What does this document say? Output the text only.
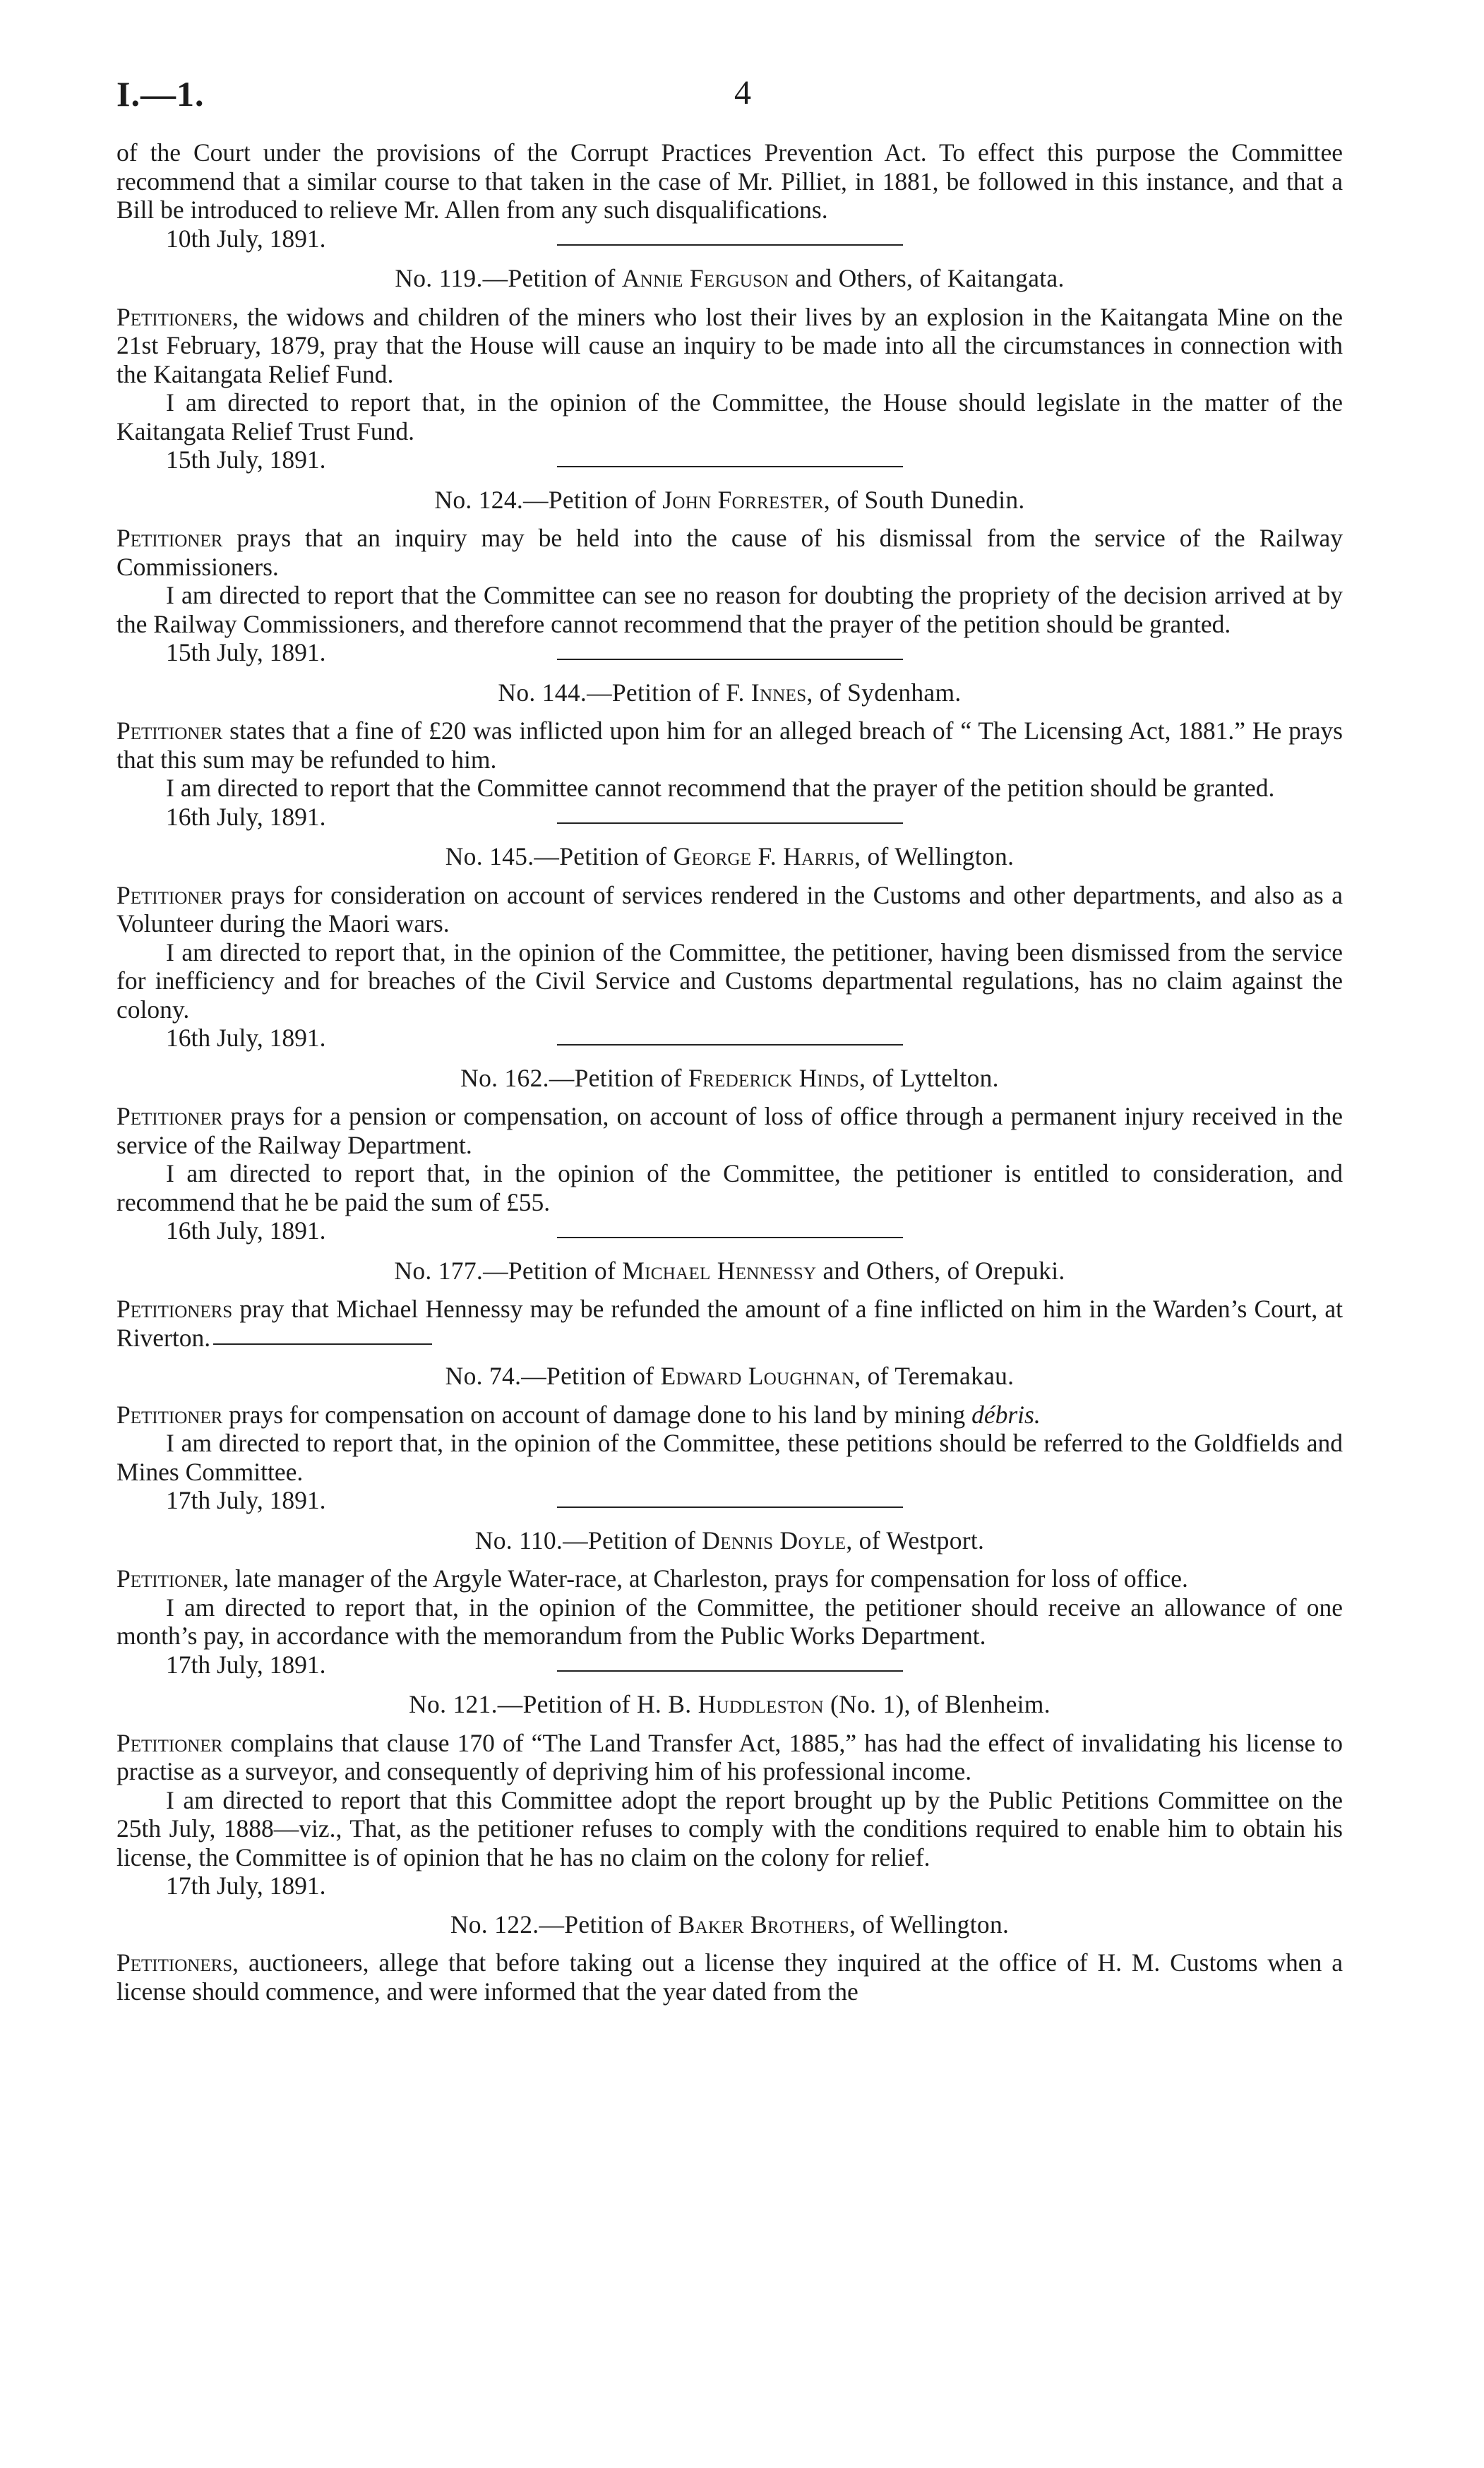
I.—1.	4

of the Court under the provisions of the Corrupt Practices Prevention Act. To effect this purpose the Committee recommend that a similar course to that taken in the case of Mr. Pilliet, in 1881, be followed in this instance, and that a Bill be introduced to relieve Mr. Allen from any such disqualifications.

10th July, 1891.

No. 119.—Petition of Annie Ferguson and Others, of Kaitangata.

Petitioners, the widows and children of the miners who lost their lives by an explosion in the Kaitangata Mine on the 21st February, 1879, pray that the House will cause an inquiry to be made into all the circumstances in connection with the Kaitangata Relief Fund.

I am directed to report that, in the opinion of the Committee, the House should legislate in the matter of the Kaitangata Relief Trust Fund.

15th July, 1891.

No. 124.—Petition of John Forrester, of South Dunedin.

Petitioner prays that an inquiry may be held into the cause of his dismissal from the service of the Railway Commissioners.

I am directed to report that the Committee can see no reason for doubting the propriety of the decision arrived at by the Railway Commissioners, and therefore cannot recommend that the prayer of the petition should be granted.

15th July, 1891.

No. 144.—Petition of F. Innes, of Sydenham.

Petitioner states that a fine of £20 was inflicted upon him for an alleged breach of “ The Licensing Act, 1881.” He prays that this sum may be refunded to him.

I am directed to report that the Committee cannot recommend that the prayer of the petition should be granted.

16th July, 1891.

No. 145.—Petition of George F. Harris, of Wellington.

Petitioner prays for consideration on account of services rendered in the Customs and other departments, and also as a Volunteer during the Maori wars.

I am directed to report that, in the opinion of the Committee, the petitioner, having been dismissed from the service for inefficiency and for breaches of the Civil Service and Customs departmental regulations, has no claim against the colony.

16th July, 1891.

No. 162.—Petition of Frederick Hinds, of Lyttelton.

Petitioner prays for a pension or compensation, on account of loss of office through a permanent injury received in the service of the Railway Department.

I am directed to report that, in the opinion of the Committee, the petitioner is entitled to consideration, and recommend that he be paid the sum of £55.

16th July, 1891.

No. 177.—Petition of Michael Hennessy and Others, of Orepuki.

Petitioners pray that Michael Hennessy may be refunded the amount of a fine inflicted on him in the Warden’s Court, at Riverton.

No. 74.—Petition of Edward Loughnan, of Teremakau.

Petitioner prays for compensation on account of damage done to his land by mining débris.

I am directed to report that, in the opinion of the Committee, these petitions should be referred to the Goldfields and Mines Committee.

17th July, 1891.

No. 110.—Petition of Dennis Doyle, of Westport.

Petitioner, late manager of the Argyle Water-race, at Charleston, prays for compensation for loss of office.

I am directed to report that, in the opinion of the Committee, the petitioner should receive an allowance of one month’s pay, in accordance with the memorandum from the Public Works Department.

17th July, 1891.

No. 121.—Petition of H. B. Huddleston (No. 1), of Blenheim.

Petitioner complains that clause 170 of “The Land Transfer Act, 1885,” has had the effect of invalidating his license to practise as a surveyor, and consequently of depriving him of his professional income.

I am directed to report that this Committee adopt the report brought up by the Public Petitions Committee on the 25th July, 1888—viz., That, as the petitioner refuses to comply with the conditions required to enable him to obtain his license, the Committee is of opinion that he has no claim on the colony for relief.

17th July, 1891.

No. 122.—Petition of Baker Brothers, of Wellington.

Petitioners, auctioneers, allege that before taking out a license they inquired at the office of H. M. Customs when a license should commence, and were informed that the year dated from the
